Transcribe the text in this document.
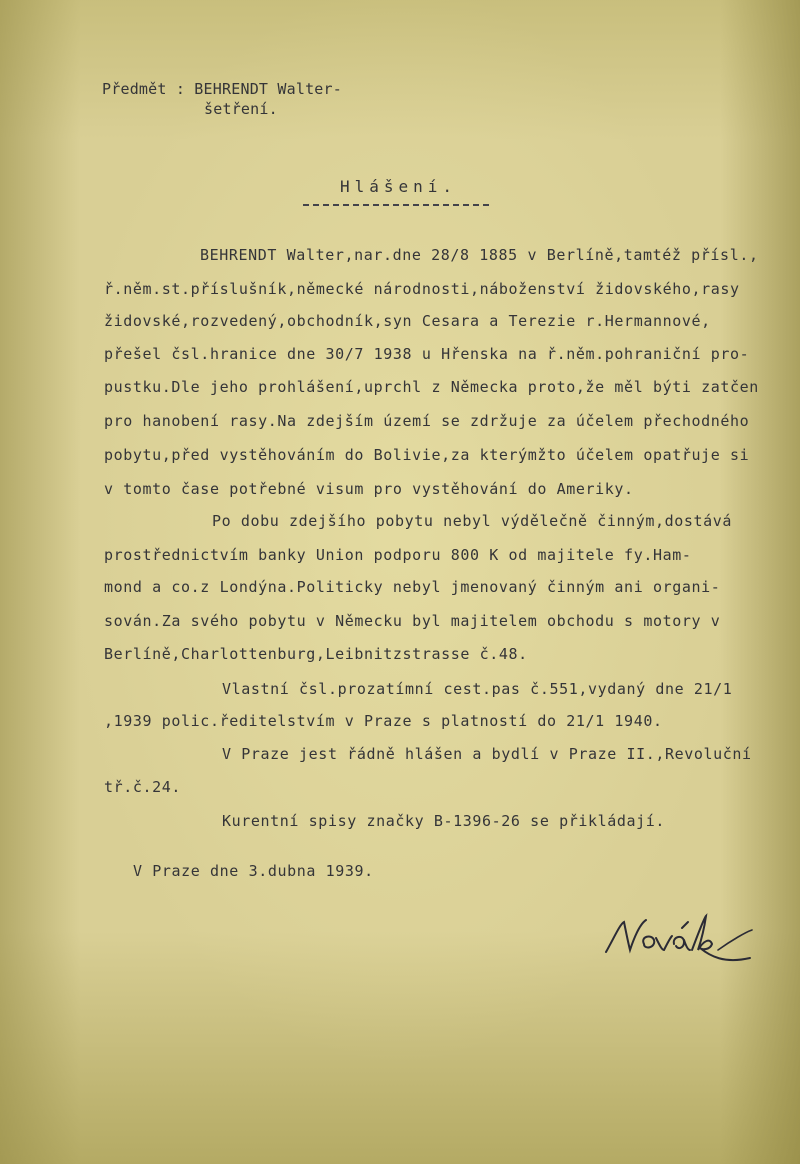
Předmět : BEHRENDT Walter-
šetření.
Hlášení.
BEHRENDT Walter,nar.dne 28/8 1885 v Berlíně,tamtéž přísl.,
ř.něm.st.příslušník,německé národnosti,náboženství židovského,rasy
židovské,rozvedený,obchodník,syn Cesara a Terezie r.Hermannové,
přešel čsl.hranice dne 30/7 1938 u Hřenska na ř.něm.pohraniční pro-
pustku.Dle jeho prohlášení,uprchl z Německa proto,že měl býti zatčen
pro hanobení rasy.Na zdejším území se zdržuje za účelem přechodného
pobytu,před vystěhováním do Bolivie,za kterýmžto účelem opatřuje si
v tomto čase potřebné visum pro vystěhování do Ameriky.
Po dobu zdejšího pobytu nebyl výdělečně činným,dostává
prostřednictvím banky Union podporu 800 K od majitele fy.Ham-
mond a co.z Londýna.Politicky nebyl jmenovaný činným ani organi-
sován.Za svého pobytu v Německu byl majitelem obchodu s motory v
Berlíně,Charlottenburg,Leibnitzstrasse č.48.
Vlastní čsl.prozatímní cest.pas č.551,vydaný dne 21/1
,1939 polic.ředitelstvím v Praze s platností do 21/1 1940.
V Praze jest řádně hlášen a bydlí v Praze II.,Revoluční
tř.č.24.
Kurentní spisy značky B-1396-26 se přikládají.
V Praze dne 3.dubna 1939.
